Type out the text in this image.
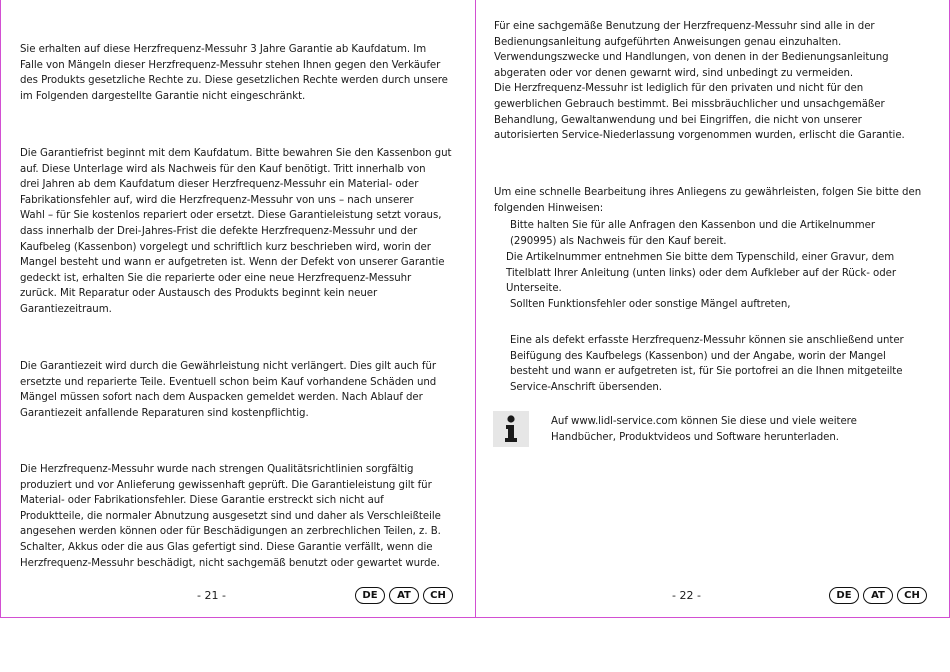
Sie erhalten auf diese Herzfrequenz-Messuhr 3 Jahre Garantie ab Kaufdatum. Im
Falle von Mängeln dieser Herzfrequenz-Messuhr stehen Ihnen gegen den Verkäufer
des Produkts gesetzliche Rechte zu. Diese gesetzlichen Rechte werden durch unsere
im Folgenden dargestellte Garantie nicht eingeschränkt.
Die Garantiefrist beginnt mit dem Kaufdatum. Bitte bewahren Sie den Kassenbon gut
auf. Diese Unterlage wird als Nachweis für den Kauf benötigt. Tritt innerhalb von
drei Jahren ab dem Kaufdatum dieser Herzfrequenz-Messuhr ein Material- oder
Fabrikationsfehler auf, wird die Herzfrequenz-Messuhr von uns – nach unserer
Wahl – für Sie kostenlos repariert oder ersetzt. Diese Garantieleistung setzt voraus,
dass innerhalb der Drei-Jahres-Frist die defekte Herzfrequenz-Messuhr und der
Kaufbeleg (Kassenbon) vorgelegt und schriftlich kurz beschrieben wird, worin der
Mangel besteht und wann er aufgetreten ist. Wenn der Defekt von unserer Garantie
gedeckt ist, erhalten Sie die reparierte oder eine neue Herzfrequenz-Messuhr
zurück. Mit Reparatur oder Austausch des Produkts beginnt kein neuer
Garantiezeitraum.
Die Garantiezeit wird durch die Gewährleistung nicht verlängert. Dies gilt auch für
ersetzte und reparierte Teile. Eventuell schon beim Kauf vorhandene Schäden und
Mängel müssen sofort nach dem Auspacken gemeldet werden. Nach Ablauf der
Garantiezeit anfallende Reparaturen sind kostenpflichtig.
Die Herzfrequenz-Messuhr wurde nach strengen Qualitätsrichtlinien sorgfältig
produziert und vor Anlieferung gewissenhaft geprüft. Die Garantieleistung gilt für
Material- oder Fabrikationsfehler. Diese Garantie erstreckt sich nicht auf
Produktteile, die normaler Abnutzung ausgesetzt sind und daher als Verschleißteile
angesehen werden können oder für Beschädigungen an zerbrechlichen Teilen, z. B.
Schalter, Akkus oder die aus Glas gefertigt sind. Diese Garantie verfällt, wenn die
Herzfrequenz-Messuhr beschädigt, nicht sachgemäß benutzt oder gewartet wurde.
- 21 -	DE	AT	CH
Für eine sachgemäße Benutzung der Herzfrequenz-Messuhr sind alle in der
Bedienungsanleitung aufgeführten Anweisungen genau einzuhalten.
Verwendungszwecke und Handlungen, von denen in der Bedienungsanleitung
abgeraten oder vor denen gewarnt wird, sind unbedingt zu vermeiden.
Die Herzfrequenz-Messuhr ist lediglich für den privaten und nicht für den
gewerblichen Gebrauch bestimmt. Bei missbräuchlicher und unsachgemäßer
Behandlung, Gewaltanwendung und bei Eingriffen, die nicht von unserer
autorisierten Service-Niederlassung vorgenommen wurden, erlischt die Garantie.
Um eine schnelle Bearbeitung ihres Anliegens zu gewährleisten, folgen Sie bitte den
folgenden Hinweisen:
Bitte halten Sie für alle Anfragen den Kassenbon und die Artikelnummer
(290995) als Nachweis für den Kauf bereit.
Die Artikelnummer entnehmen Sie bitte dem Typenschild, einer Gravur, dem
Titelblatt Ihrer Anleitung (unten links) oder dem Aufkleber auf der Rück- oder
Unterseite.
Sollten Funktionsfehler oder sonstige Mängel auftreten,
Eine als defekt erfasste Herzfrequenz-Messuhr können sie anschließend unter
Beifügung des Kaufbelegs (Kassenbon) und der Angabe, worin der Mangel
besteht und wann er aufgetreten ist, für Sie portofrei an die Ihnen mitgeteilte
Service-Anschrift übersenden.
Auf www.lidl-service.com können Sie diese und viele weitere
Handbücher, Produktvideos und Software herunterladen.
- 22 -	DE	AT	CH
